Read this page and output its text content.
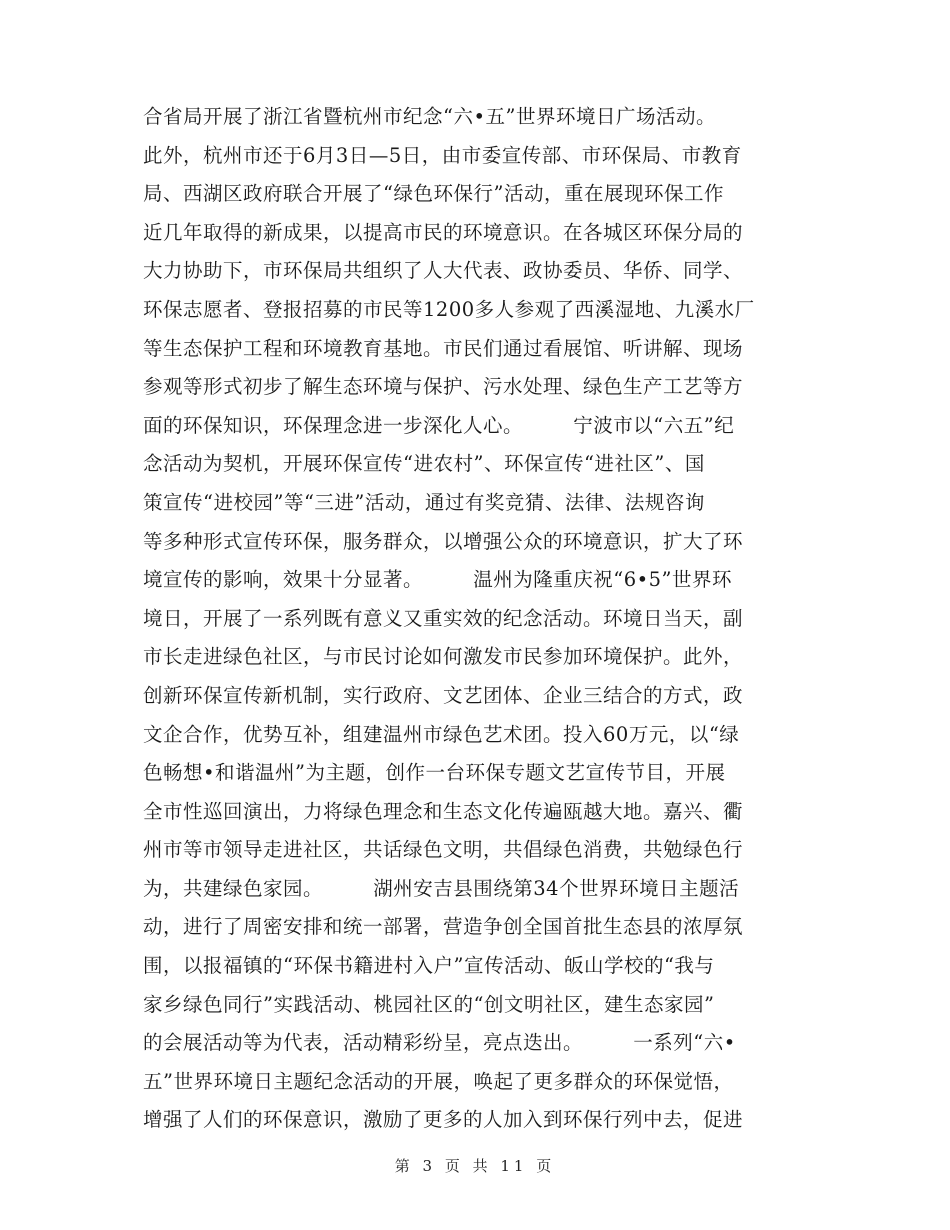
合省局开展了浙江省暨杭州市纪念“六•五”世界环境日广场活动。
此外，杭州市还于6月3日—5日，由市委宣传部、市环保局、市教育
局、西湖区政府联合开展了“绿色环保行”活动，重在展现环保工作
近几年取得的新成果，以提高市民的环境意识。在各城区环保分局的
大力协助下，市环保局共组织了人大代表、政协委员、华侨、同学、
环保志愿者、登报招募的市民等1200多人参观了西溪湿地、九溪水厂
等生态保护工程和环境教育基地。市民们通过看展馆、听讲解、现场
参观等形式初步了解生态环境与保护、污水处理、绿色生产工艺等方
面的环保知识，环保理念进一步深化人心。　　　宁波市以“六五”纪
念活动为契机，开展环保宣传“进农村”、环保宣传“进社区”、国
策宣传“进校园”等“三进”活动，通过有奖竞猜、法律、法规咨询
等多种形式宣传环保，服务群众，以增强公众的环境意识，扩大了环
境宣传的影响，效果十分显著。　　　温州为隆重庆祝“6•5”世界环
境日，开展了一系列既有意义又重实效的纪念活动。环境日当天，副
市长走进绿色社区，与市民讨论如何激发市民参加环境保护。此外，
创新环保宣传新机制，实行政府、文艺团体、企业三结合的方式，政
文企合作，优势互补，组建温州市绿色艺术团。投入60万元，以“绿
色畅想•和谐温州”为主题，创作一台环保专题文艺宣传节目，开展
全市性巡回演出，力将绿色理念和生态文化传遍瓯越大地。嘉兴、衢
州市等市领导走进社区，共话绿色文明，共倡绿色消费，共勉绿色行
为，共建绿色家园。　　　湖州安吉县围绕第34个世界环境日主题活
动，进行了周密安排和统一部署，营造争创全国首批生态县的浓厚氛
围，以报福镇的“环保书籍进村入户”宣传活动、皈山学校的“我与
家乡绿色同行”实践活动、桃园社区的“创文明社区，建生态家园”
的会展活动等为代表，活动精彩纷呈，亮点迭出。　　　一系列“六•
五”世界环境日主题纪念活动的开展，唤起了更多群众的环保觉悟，
增强了人们的环保意识，激励了更多的人加入到环保行列中去，促进
第 3 页 共 11 页
